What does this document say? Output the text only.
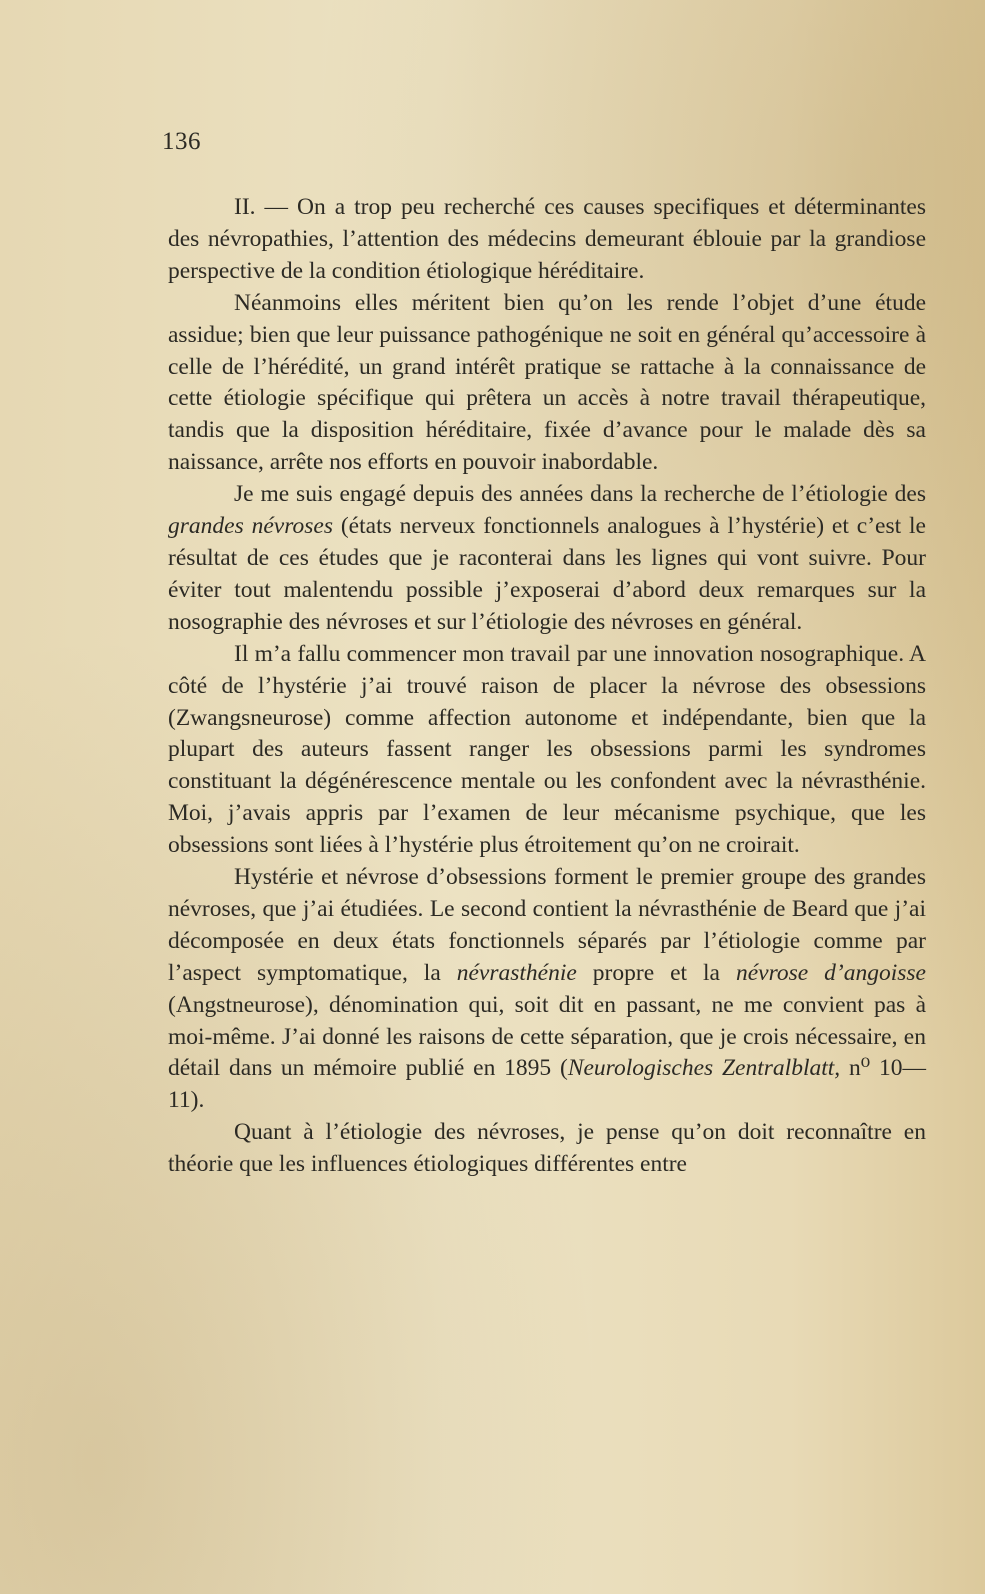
136

II. — On a trop peu recherché ces causes specifiques et déterminantes des névropathies, l’attention des médecins demeurant éblouie par la grandiose perspective de la condition étiologique héréditaire.

Néanmoins elles méritent bien qu’on les rende l’objet d’une étude assidue; bien que leur puissance pathogénique ne soit en général qu’accessoire à celle de l’hérédité, un grand intérêt pratique se rattache à la connaissance de cette étiologie spécifique qui prêtera un accès à notre travail thérapeutique, tandis que la disposition héréditaire, fixée d’avance pour le malade dès sa naissance, arrête nos efforts en pouvoir inabordable.

Je me suis engagé depuis des années dans la recherche de l’étiologie des grandes névroses (états nerveux fonctionnels analogues à l’hystérie) et c’est le résultat de ces études que je raconterai dans les lignes qui vont suivre. Pour éviter tout malentendu possible j’exposerai d’abord deux remarques sur la nosographie des névroses et sur l’étiologie des névroses en général.

Il m’a fallu commencer mon travail par une innovation nosographique. A côté de l’hystérie j’ai trouvé raison de placer la névrose des obsessions (Zwangsneurose) comme affection autonome et indépendante, bien que la plupart des auteurs fassent ranger les obsessions parmi les syndromes constituant la dégénérescence mentale ou les confondent avec la névrasthénie. Moi, j’avais appris par l’examen de leur mécanisme psychique, que les obsessions sont liées à l’hystérie plus étroitement qu’on ne croirait.

Hystérie et névrose d’obsessions forment le premier groupe des grandes névroses, que j’ai étudiées. Le second contient la névrasthénie de Beard que j’ai décomposée en deux états fonctionnels séparés par l’étiologie comme par l’aspect symptomatique, la névrasthénie propre et la névrose d’angoisse (Angstneurose), dénomination qui, soit dit en passant, ne me convient pas à moi-même. J’ai donné les raisons de cette séparation, que je crois nécessaire, en détail dans un mémoire publié en 1895 (Neurologisches Zentralblatt, n⁰ 10—11).

Quant à l’étiologie des névroses, je pense qu’on doit reconnaître en théorie que les influences étiologiques différentes entre
